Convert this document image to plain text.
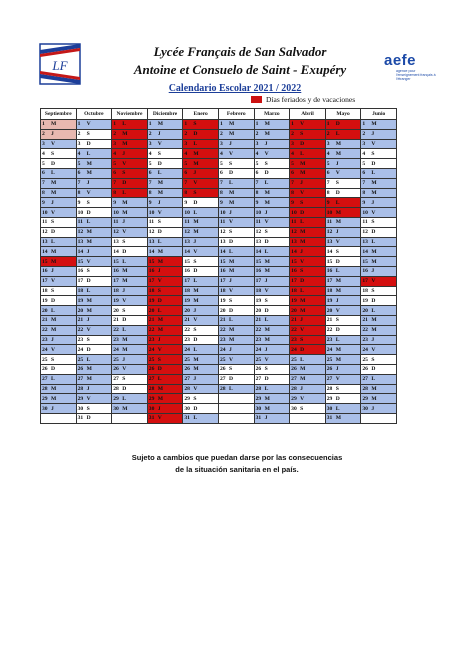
LF
Lycée Français de San Salvador
Antoine et Consuelo de Saint - Exupéry
aefe
agence pour l'enseignement français à l'étranger
Calendario Escolar 2021 / 2022
Días feriados y de vacaciones
Septiembre	Octubre	Noviembre	Diciembre	Enero	Febrero	Marzo	Abril	Mayo	Junio
1 M	1 V	1 L	1 M	1 S	1 M	1 M	1 V	1 D	1 M
2 J	2 S	2 M	2 J	2 D	2 M	2 M	2 S	2 L	2 J
3 V	3 D	3 M	3 V	3 L	3 J	3 J	3 D	3 M	3 V
4 S	4 L	4 J	4 S	4 M	4 V	4 V	4 L	4 M	4 S
5 D	5 M	5 V	5 D	5 M	5 S	5 S	5 M	5 J	5 D
6 L	6 M	6 S	6 L	6 J	6 D	6 D	6 M	6 V	6 L
7 M	7 J	7 D	7 M	7 V	7 L	7 L	7 J	7 S	7 M
8 M	8 V	8 L	8 M	8 S	8 M	8 M	8 V	8 D	8 M
9 J	9 S	9 M	9 J	9 D	9 M	9 M	9 S	9 L	9 J
10 V	10 D	10 M	10 V	10 L	10 J	10 J	10 D	10 M	10 V
11 S	11 L	11 J	11 S	11 M	11 V	11 V	11 L	11 M	11 S
12 D	12 M	12 V	12 D	12 M	12 S	12 S	12 M	12 J	12 D
13 L	13 M	13 S	13 L	13 J	13 D	13 D	13 M	13 V	13 L
14 M	14 J	14 D	14 M	14 V	14 L	14 L	14 J	14 S	14 M
15 M	15 V	15 L	15 M	15 S	15 M	15 M	15 V	15 D	15 M
16 J	16 S	16 M	16 J	16 D	16 M	16 M	16 S	16 L	16 J
17 V	17 D	17 M	17 V	17 L	17 J	17 J	17 D	17 M	17 V
18 S	18 L	18 J	18 S	18 M	18 V	18 V	18 L	18 M	18 S
19 D	19 M	19 V	19 D	19 M	19 S	19 S	19 M	19 J	19 D
20 L	20 M	20 S	20 L	20 J	20 D	20 D	20 M	20 V	20 L
21 M	21 J	21 D	21 M	21 V	21 L	21 L	21 J	21 S	21 M
22 M	22 V	22 L	22 M	22 S	22 M	22 M	22 V	22 D	22 M
23 J	23 S	23 M	23 J	23 D	23 M	23 M	23 S	23 L	23 J
24 V	24 D	24 M	24 V	24 L	24 J	24 J	24 D	24 M	24 V
25 S	25 L	25 J	25 S	25 M	25 V	25 V	25 L	25 M	25 S
26 D	26 M	26 V	26 D	26 M	26 S	26 S	26 M	26 J	26 D
27 L	27 M	27 S	27 L	27 J	27 D	27 D	27 M	27 V	27 L
28 M	28 J	28 D	28 M	28 V	28 L	28 L	28 J	28 S	28 M
29 M	29 V	29 L	29 M	29 S		29 M	29 V	29 D	29 M
30 J	30 S	30 M	30 J	30 D		30 M	30 S	30 L	30 J
	31 D		31 V	31 L		31 J		31 M	
Sujeto a cambios que puedan darse por las consecuencias
de la situación sanitaria en el país.
